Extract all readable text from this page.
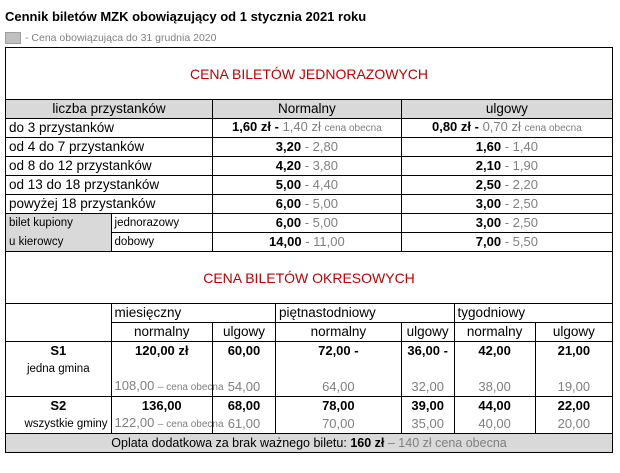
Cennik biletów MZK obowiązujący od 1 stycznia 2021 roku
- Cena obowiązująca do 31 grudnia 2020
CENA BILETÓW JEDNORAZOWYCH						
liczba przystanków		Normalny		ulgowy		
do 3 przystanków		1,60 zł - 1,40 zł cena obecna		0,80 zł - 0,70 zł cena obecna		
od 4 do 7 przystanków		3,20 - 2,80		1,60 - 1,40		
od 8 do 12 przystanków		4,20 - 3,80		2,10 - 1,90		
od 13 do 18 przystanków		5,00 - 4,40		2,50 - 2,20		
powyżej 18 przystanków		6,00 - 5,00		3,00 - 2,50		
bilet kupiony	jednorazowy	6,00 - 5,00		3,00 - 2,50		
u kierowcy	dobowy	14,00 - 11,00		7,00 - 5,50		
CENA BILETÓW OKRESOWYCH						
	miesięczny		piętnastodniowy		tygodniowy	
	normalny	ulgowy	normalny	ulgowy	normalny	ulgowy
S1	120,00 zł	60,00	72,00 -	36,00 -	42,00	21,00
jedna gmina						
	108,00 – cena obecna	54,00	64,00	32,00	38,00	19,00
S2	136,00	68,00	78,00	39,00	44,00	22,00
wszystkie gminy	122,00 – cena obecna	61,00	70,00	35,00	40,00	20,00
Oplata dodatkowa za brak ważnego biletu: 160 zł – 140 zł cena obecna						
